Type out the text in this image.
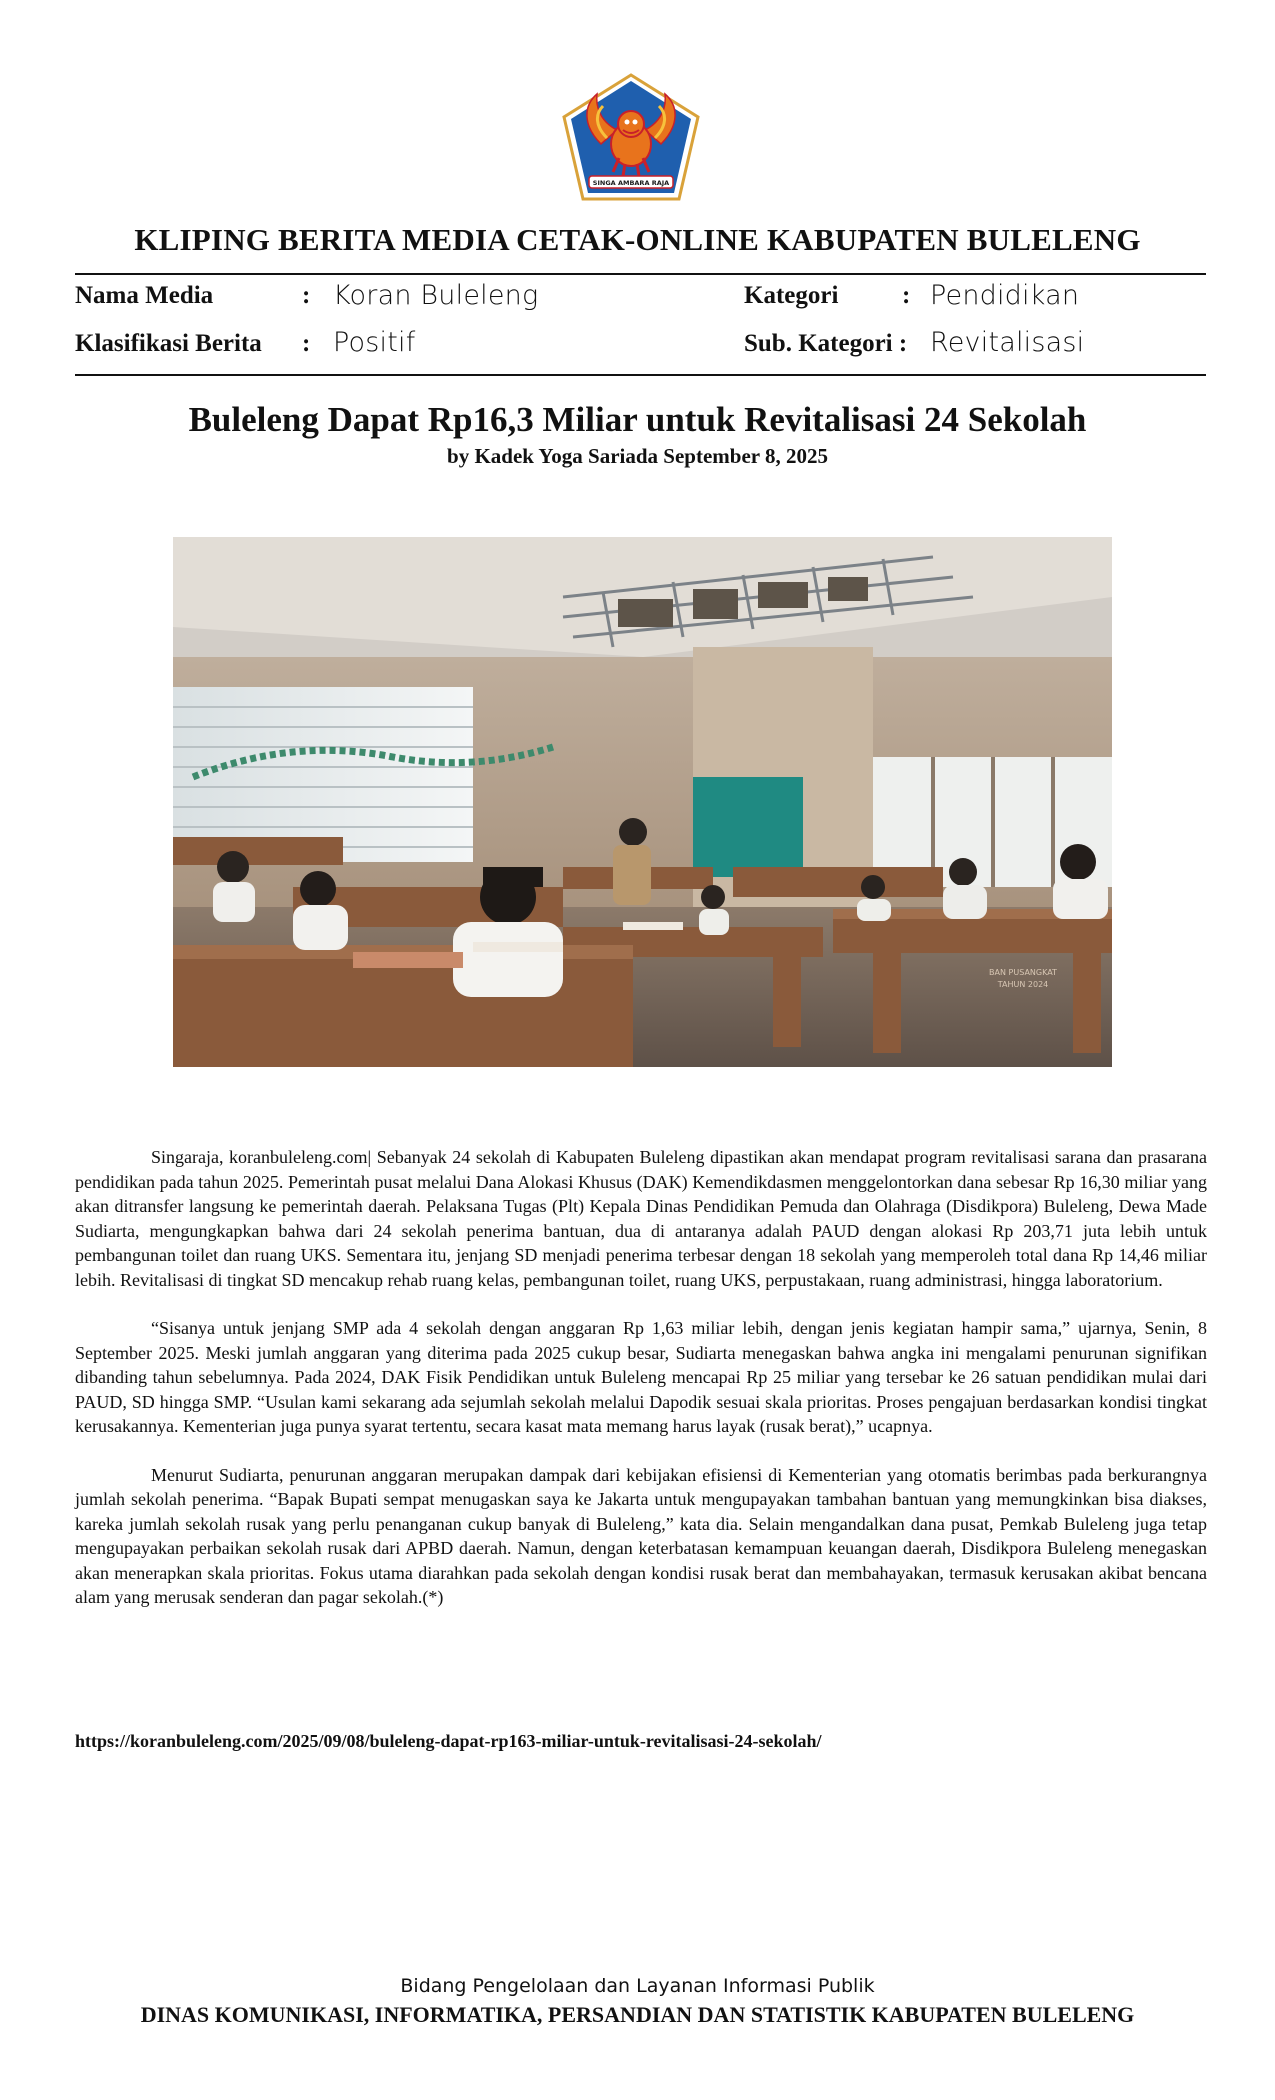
SINGA AMBARA RAJA
KLIPING BERITA MEDIA CETAK-ONLINE KABUPATEN BULELENG
Nama Media	: Koran Buleleng	Kategori	: Pendidikan
Klasifikasi Berita : Positif	Sub. Kategori : Revitalisasi
Buleleng Dapat Rp16,3 Miliar untuk Revitalisasi 24 Sekolah
by Kadek Yoga Sariada September 8, 2025
BAN PUSANGKAT
TAHUN 2024

Singaraja, koranbuleleng.com| Sebanyak 24 sekolah di Kabupaten Buleleng dipastikan akan mendapat program revitalisasi sarana dan prasarana pendidikan pada tahun 2025. Pemerintah pusat melalui Dana Alokasi Khusus (DAK) Kemendikdasmen menggelontorkan dana sebesar Rp 16,30 miliar yang akan ditransfer langsung ke pemerintah daerah. Pelaksana Tugas (Plt) Kepala Dinas Pendidikan Pemuda dan Olahraga (Disdikpora) Buleleng, Dewa Made Sudiarta, mengungkapkan bahwa dari 24 sekolah penerima bantuan, dua di antaranya adalah PAUD dengan alokasi Rp 203,71 juta lebih untuk pembangunan toilet dan ruang UKS. Sementara itu, jenjang SD menjadi penerima terbesar dengan 18 sekolah yang memperoleh total dana Rp 14,46 miliar lebih. Revitalisasi di tingkat SD mencakup rehab ruang kelas, pembangunan toilet, ruang UKS, perpustakaan, ruang administrasi, hingga laboratorium.

“Sisanya untuk jenjang SMP ada 4 sekolah dengan anggaran Rp 1,63 miliar lebih, dengan jenis kegiatan hampir sama,” ujarnya, Senin, 8 September 2025. Meski jumlah anggaran yang diterima pada 2025 cukup besar, Sudiarta menegaskan bahwa angka ini mengalami penurunan signifikan dibanding tahun sebelumnya. Pada 2024, DAK Fisik Pendidikan untuk Buleleng mencapai Rp 25 miliar yang tersebar ke 26 satuan pendidikan mulai dari PAUD, SD hingga SMP. “Usulan kami sekarang ada sejumlah sekolah melalui Dapodik sesuai skala prioritas. Proses pengajuan berdasarkan kondisi tingkat kerusakannya. Kementerian juga punya syarat tertentu, secara kasat mata memang harus layak (rusak berat),” ucapnya.

Menurut Sudiarta, penurunan anggaran merupakan dampak dari kebijakan efisiensi di Kementerian yang otomatis berimbas pada berkurangnya jumlah sekolah penerima. “Bapak Bupati sempat menugaskan saya ke Jakarta untuk mengupayakan tambahan bantuan yang memungkinkan bisa diakses, kareka jumlah sekolah rusak yang perlu penanganan cukup banyak di Buleleng,” kata dia. Selain mengandalkan dana pusat, Pemkab Buleleng juga tetap mengupayakan perbaikan sekolah rusak dari APBD daerah. Namun, dengan keterbatasan kemampuan keuangan daerah, Disdikpora Buleleng menegaskan akan menerapkan skala prioritas. Fokus utama diarahkan pada sekolah dengan kondisi rusak berat dan membahayakan, termasuk kerusakan akibat bencana alam yang merusak senderan dan pagar sekolah.(*)

https://koranbuleleng.com/2025/09/08/buleleng-dapat-rp163-miliar-untuk-revitalisasi-24-sekolah/
Bidang Pengelolaan dan Layanan Informasi Publik
DINAS KOMUNIKASI, INFORMATIKA, PERSANDIAN DAN STATISTIK KABUPATEN BULELENG
